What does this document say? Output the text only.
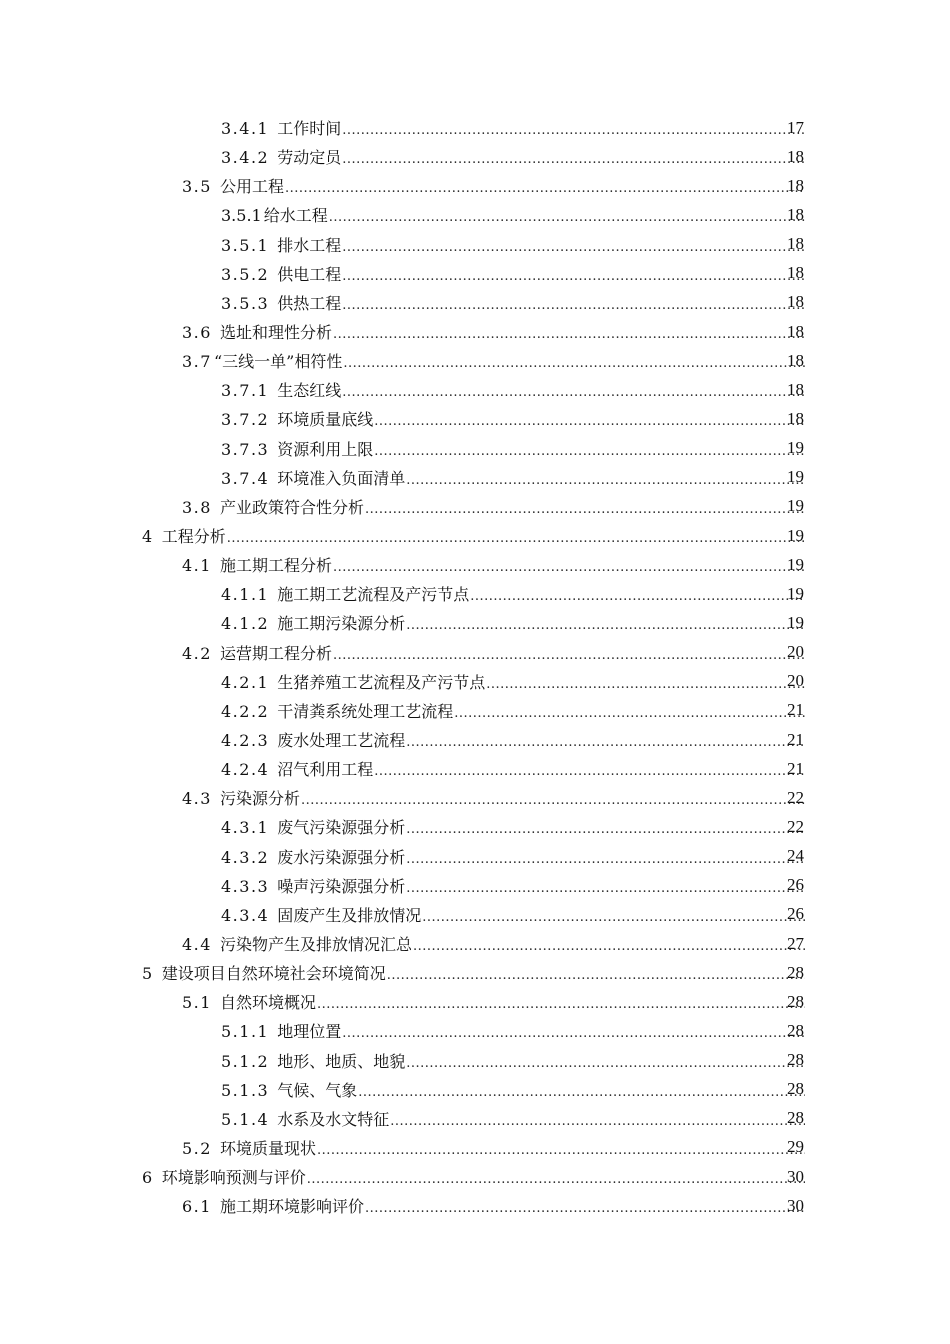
3.4.1 工作时间 .....	17
3.4.2 劳动定员 .....	18
3.5 公用工程 .....	18
3.5.1 给水工程 .....	18
3.5.1 排水工程 .....	18
3.5.2 供电工程 .....	18
3.5.3 供热工程 .....	18
3.6 选址和理性分析 .....	18
3.7 “三线一单”相符性 .....	18
3.7.1 生态红线 .....	18
3.7.2 环境质量底线 .....	18
3.7.3 资源利用上限 .....	19
3.7.4 环境准入负面清单 .....	19
3.8 产业政策符合性分析 .....	19
4 工程分析 .....	19
4.1 施工期工程分析 .....	19
4.1.1 施工期工艺流程及产污节点 .....	19
4.1.2 施工期污染源分析 .....	19
4.2 运营期工程分析 .....	20
4.2.1 生猪养殖工艺流程及产污节点 .....	20
4.2.2 干清粪系统处理工艺流程 .....	21
4.2.3 废水处理工艺流程 .....	21
4.2.4 沼气利用工程 .....	21
4.3 污染源分析 .....	22
4.3.1 废气污染源强分析 .....	22
4.3.2 废水污染源强分析 .....	24
4.3.3 噪声污染源强分析 .....	26
4.3.4 固废产生及排放情况 .....	26
4.4 污染物产生及排放情况汇总 .....	27
5 建设项目自然环境社会环境简况 .....	28
5.1 自然环境概况 .....	28
5.1.1 地理位置 .....	28
5.1.2 地形、地质、地貌 .....	28
5.1.3 气候、气象 .....	28
5.1.4 水系及水文特征 .....	28
5.2 环境质量现状 .....	29
6 环境影响预测与评价 .....	30
6.1 施工期环境影响评价 .....	30
